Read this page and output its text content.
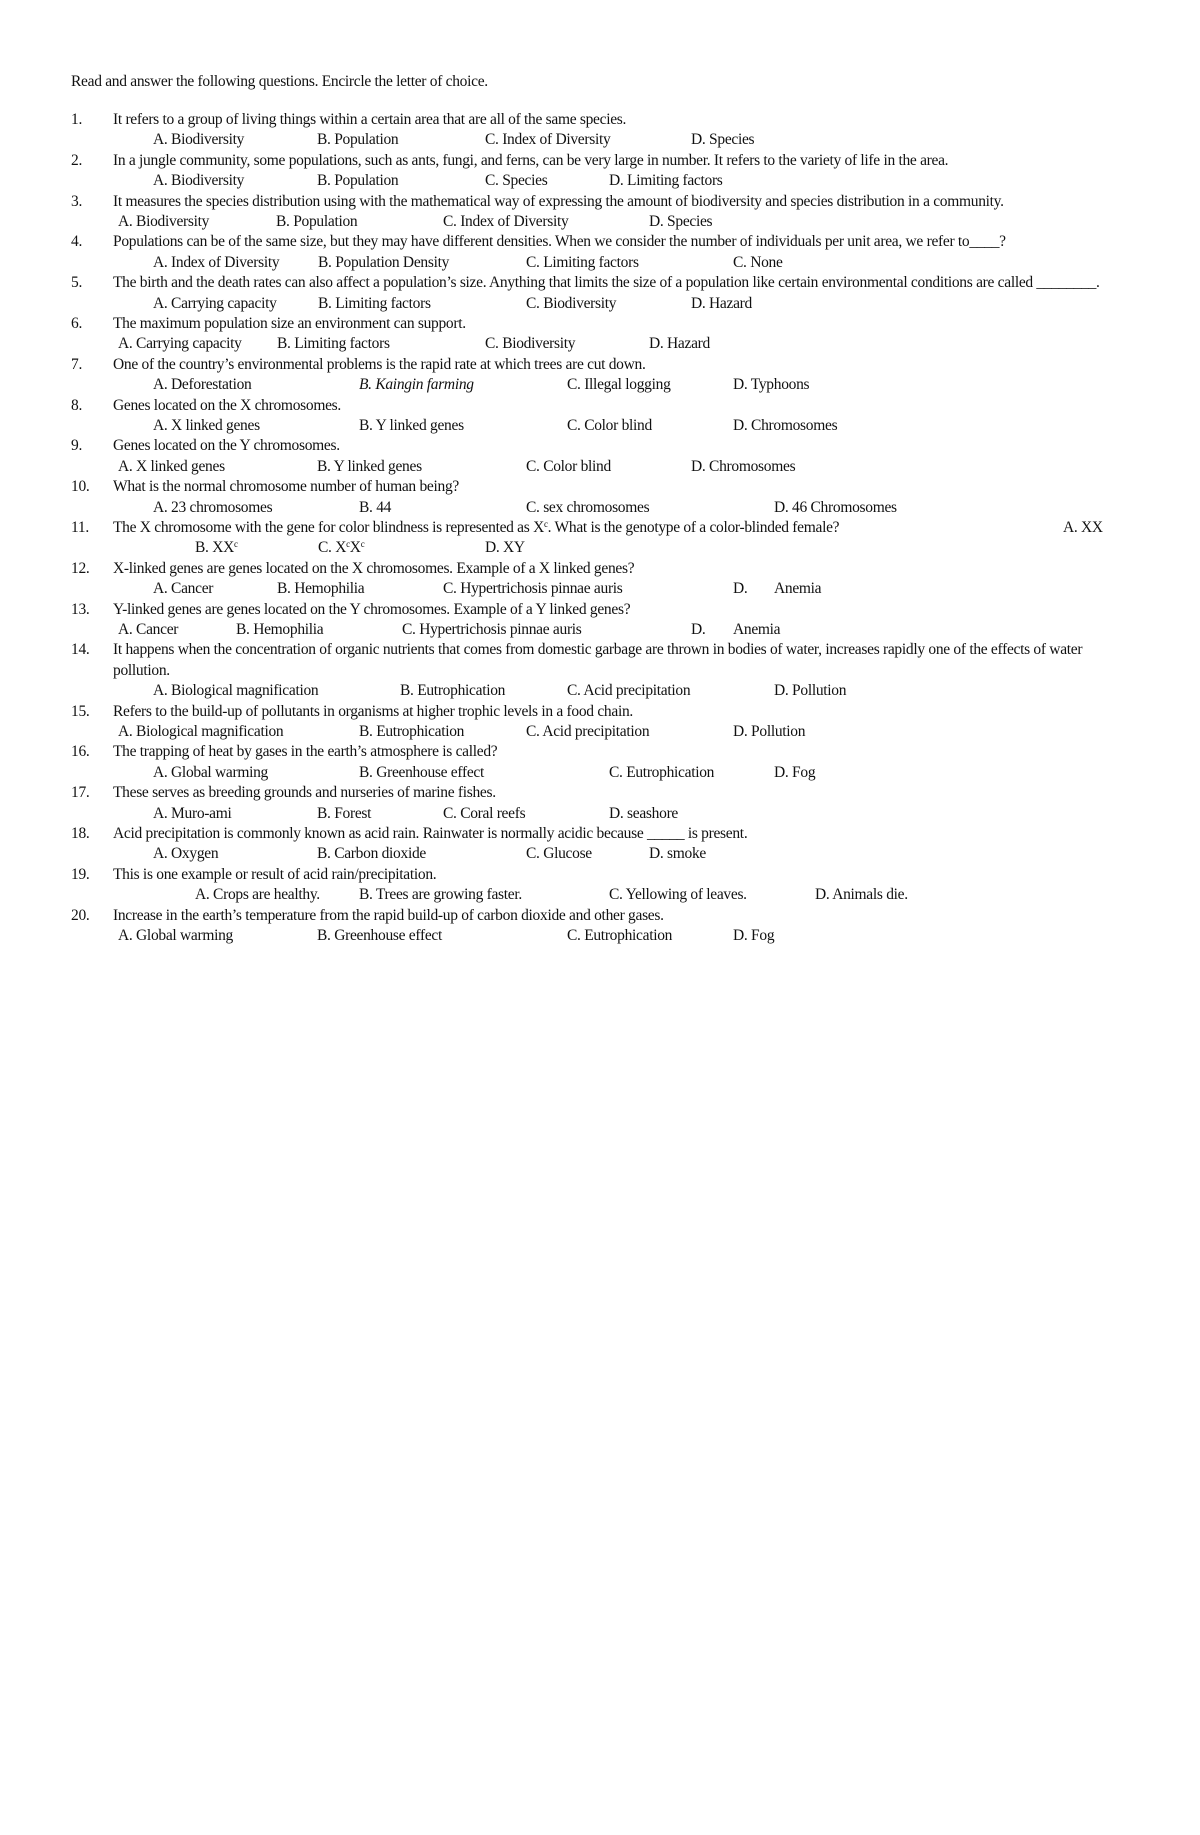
Read and answer the following questions. Encircle the letter of choice.
1. It refers to a group of living things within a certain area that are all of the same species.
A. Biodiversity	B. Population	C. Index of Diversity	D. Species
2. In a jungle community, some populations, such as ants, fungi, and ferns, can be very large in number. It refers to the variety of life in the area.
A. Biodiversity	B. Population	C. Species	D. Limiting factors
3. It measures the species distribution using with the mathematical way of expressing the amount of biodiversity and species distribution in a community.
A. Biodiversity	B. Population	C. Index of Diversity	D. Species
4. Populations can be of the same size, but they may have different densities. When we consider the number of individuals per unit area, we refer to____?
A. Index of Diversity B. Population Density	C. Limiting factors	C. None
5. The birth and the death rates can also affect a population’s size. Anything that limits the size of a population like certain environmental conditions are called ________.
A. Carrying capacity	B. Limiting factors	C. Biodiversity	D. Hazard
6. The maximum population size an environment can support.
A. Carrying capacity B. Limiting factors	C. Biodiversity	D. Hazard
7. One of the country’s environmental problems is the rapid rate at which trees are cut down.
A. Deforestation	B. Kaingin farming	C. Illegal logging	D. Typhoons
8. Genes located on the X chromosomes.
A. X linked genes	B. Y linked genes	C. Color blind	D. Chromosomes
9. Genes located on the Y chromosomes.
A. X linked genes	B. Y linked genes	C. Color blind	D. Chromosomes
10. What is the normal chromosome number of human being?
A. 23 chromosomes	B. 44	C. sex chromosomes	D. 46 Chromosomes
11. The X chromosome with the gene for color blindness is represented as $X^c$. What is the genotype of a color-blinded female?	A. XX
B. $XX^c$	C. $X^cX^c$	D. XY
12. X-linked genes are genes located on the X chromosomes. Example of a X linked genes?
A. Cancer	B. Hemophilia	C. Hypertrichosis pinnae auris	D. Anemia
13. Y-linked genes are genes located on the Y chromosomes. Example of a Y linked genes?
A. Cancer	B. Hemophilia	C. Hypertrichosis pinnae auris	D. Anemia
14. It happens when the concentration of organic nutrients that comes from domestic garbage are thrown in bodies of water, increases rapidly one of the effects of water pollution.
A. Biological magnification	B. Eutrophication	C. Acid precipitation	D. Pollution
15. Refers to the build-up of pollutants in organisms at higher trophic levels in a food chain.
A. Biological magnification	B. Eutrophication	C. Acid precipitation	D. Pollution
16. The trapping of heat by gases in the earth’s atmosphere is called?
A. Global warming	B. Greenhouse effect	C. Eutrophication	D. Fog
17. These serves as breeding grounds and nurseries of marine fishes.
A. Muro-ami	B. Forest	C. Coral reefs	D. seashore
18. Acid precipitation is commonly known as acid rain. Rainwater is normally acidic because _____ is present.
A. Oxygen	B. Carbon dioxide	C. Glucose	D. smoke
19. This is one example or result of acid rain/precipitation.
A. Crops are healthy.	B. Trees are growing faster.	C. Yellowing of leaves.	D. Animals die.
20. Increase in the earth’s temperature from the rapid build-up of carbon dioxide and other gases.
A. Global warming	B. Greenhouse effect	C. Eutrophication	D. Fog
